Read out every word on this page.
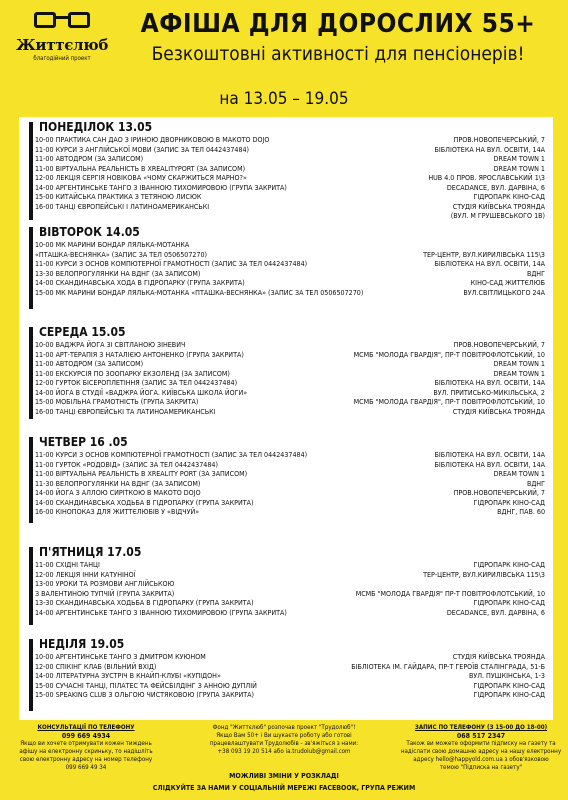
Життєлюб
благодійний проект
АФІША ДЛЯ ДОРОСЛИХ 55+
Безкоштовні активності для пенсіонерів!
на 13.05 – 19.05
ПОНЕДІЛОК 13.05
10-00 ПРАКТИКА САН ДАО З ІРИНОЮ ДВОРНИКОВОЮ В МАКОТО DOJO	ПРОВ.НОВОПЕЧЕРСЬКИЙ, 7
11-00 КУРСИ З АНГЛІЙСЬКОЇ МОВИ (ЗАПИС ЗА ТЕЛ 0442437484)	БІБЛІОТЕКА НА ВУЛ. ОСВІТИ, 14А
11-00 АВТОДРОМ (ЗА ЗАПИСОМ)	DREAM TOWN 1
11-00 ВІРТУАЛЬНА РЕАЛЬНІСТЬ В XREALITYPORT (ЗА ЗАПИСОМ)	DREAM TOWN 1
12-00 ЛЕКЦІЯ СЕРГІЯ НОВІКОВА «ЧОМУ СКАРЖИТЬСЯ МАРНО?»	HUB 4.0 ПРОВ. ЯРОСЛАВСЬКИЙ 1\3
14-00 АРГЕНТИНСЬКЕ ТАНГО З ІВАННОЮ ТИХОМИРОВОЮ (ГРУПА ЗАКРИТА)	DECADANCE, ВУЛ. ДАРВІНА, 6
15-00 КИТАЙСЬКА ПРАКТИКА З ТЕТЯНОЮ ЛИСЮК	ГІДРОПАРК КІНО-САД
16-00 ТАНЦІ ЄВРОПЕЙСЬКІ І ЛАТИНОАМЕРИКАНСЬКІ	СТУДІЯ КИЇВСЬКА ТРОЯНДА
(ВУЛ. М ГРУШЕВСЬКОГО 1В)
ВІВТОРОК 14.05
10-00 МК МАРИНИ БОНДАР ЛЯЛЬКА-МОТАНКА
«ПТАШКА-ВЕСНЯНКА» (ЗАПИС ЗА ТЕЛ 0506507270)	ТЕР-ЦЕНТР, ВУЛ.КИРИЛІВСЬКА 115\3
11-00 КУРСИ З ОСНОВ КОМПЮТЕРНОЇ ГРАМОТНОСТІ (ЗАПИС ЗА ТЕЛ 0442437484)	БІБЛІОТЕКА НА ВУЛ. ОСВІТИ, 14А
13-30 ВЕЛОПРОГУЛЯНКИ НА ВДНГ (ЗА ЗАПИСОМ)	ВДНГ
14-00 СКАНДИНАВСЬКА ХОДА В ГІДРОПАРКУ (ГРУПА ЗАКРИТА)	КІНО-САД ЖИТТЄЛЮБ
15-00 МК МАРИНИ БОНДАР ЛЯЛЬКА-МОТАНКА «ПТАШКА-ВЕСНЯНКА» (ЗАПИС ЗА ТЕЛ 0506507270)	ВУЛ.СВІТЛИЦЬКОГО 24А
СЕРЕДА 15.05
10-00 ВАДЖРА ЙОГА ЗІ СВІТЛАНОЮ ЗІНЕВИЧ	ПРОВ.НОВОПЕЧЕРСЬКИЙ, 7
11-00 АРТ-ТЕРАПІЯ З НАТАЛІЄЮ АНТОНЕНКО (ГРУПА ЗАКРИТА)	МСМБ "МОЛОДА ГВАРДІЯ", ПР-Т ПОВІТРОФЛОТСЬКИЙ, 10
11-00 АВТОДРОМ (ЗА ЗАПИСОМ)	DREAM TOWN 1
11-00 ЕКСКУРСІЯ ПО ЗООПАРКУ ЕКЗОЛЕНД (ЗА ЗАПИСОМ)	DREAM TOWN 1
12-00 ГУРТОК БІСЕРОПЛЕТІННЯ (ЗАПИС ЗА ТЕЛ 0442437484)	БІБЛІОТЕКА НА ВУЛ. ОСВІТИ, 14А
14-00 ЙОГА В СТУДІЇ «ВАДЖРА ЙОГА. КИЇВСЬКА ШКОЛА ЙОГИ»	ВУЛ. ПРИТИСЬКО-МИКІЛЬСЬКА, 2
15-00 МОБІЛЬНА ГРАМОТНІСТЬ (ГРУПА ЗАКРИТА)	МСМБ "МОЛОДА ГВАРДІЯ", ПР-Т ПОВІТРОФЛОТСЬКИЙ, 10
16-00 ТАНЦІ ЄВРОПЕЙСЬКІ ТА ЛАТИНОАМЕРИКАНСЬКІ	СТУДІЯ КИЇВСЬКА ТРОЯНДА
ЧЕТВЕР 16 .05
11-00 КУРСИ З ОСНОВ КОМПЮТЕРНОЇ ГРАМОТНОСТІ (ЗАПИС ЗА ТЕЛ 0442437484)	БІБЛІОТЕКА НА ВУЛ. ОСВІТИ, 14А
11-00 ГУРТОК «РОДОВІД» (ЗАПИС ЗА ТЕЛ 0442437484)	БІБЛІОТЕКА НА ВУЛ. ОСВІТИ, 14А
11-00 ВІРТУАЛЬНА РЕАЛЬНІСТЬ В XREALITY PORT (ЗА ЗАПИСОМ)	DREAM TOWN 1
11-30 ВЕЛОПРОГУЛЯНКИ НА ВДНГ (ЗА ЗАПИСОМ)	ВДНГ
14-00 ЙОГА З АЛЛОЮ СИРІТКОЮ В МАКОТО DOJO	ПРОВ.НОВОПЕЧЕРСЬКИЙ, 7
14-00 СКАНДИНАВСЬКА ХОДЬБА В ГІДРОПАРКУ (ГРУПА ЗАКРИТА)	ГІДРОПАРК КІНО-САД
16-00 КІНОПОКАЗ ДЛЯ ЖИТТЄЛЮБІВ У «ВІДЧУЙ»	ВДНГ, ПАВ. 60
П'ЯТНИЦЯ 17.05
11-00 СХІДНІ ТАНЦІ	ГІДРОПАРК КІНО-САД
12-00 ЛЕКЦІЯ ІННИ КАТУНІНОЇ	ТЕР-ЦЕНТР, ВУЛ.КИРИЛІВСЬКА 115\3
13-00 УРОКИ ТА РОЗМОВИ АНГЛІЙСЬКОЮ
З ВАЛЕНТИНОЮ ТУПЧІЙ (ГРУПА ЗАКРИТА)	МСМБ "МОЛОДА ГВАРДІЯ" ПР-Т ПОВІТРОФЛОТСЬКИЙ, 10
13-30 СКАНДИНАВСЬКА ХОДЬБА В ГІДРОПАРКУ (ГРУПА ЗАКРИТА)	ГІДРОПАРК КІНО-САД
14-00 АРГЕНТИНСЬКЕ ТАНГО З ІВАННОЮ ТИХОМИРОВОЮ (ГРУПА ЗАКРИТА)	DECADANCE, ВУЛ. ДАРВІНА, 6
НЕДІЛЯ 19.05
10-00 АРГЕНТИНСЬКЕ ТАНГО З ДМИТРОМ КУЮНОМ	СТУДІЯ КИЇВСЬКА ТРОЯНДА
12-00 СПІКІНГ КЛАБ (ВІЛЬНИЙ ВХІД)	БІБЛІОТЕКА ІМ. ГАЙДАРА, ПР-Т ГЕРОЇВ СТАЛІНГРАДА, 51-Б
14-00 ЛІТЕРАТУРНА ЗУСТРІЧ В КНАЙП-КЛУБІ «КУПІДОН»	ВУЛ. ПУШКІНСЬКА, 1-3
15-00 СУЧАСНІ ТАНЦІ, ПІЛАТЕС ТА ФЕЙСБІЛДІНГ З АННОЮ ДУПЛІЙ	ГІДРОПАРК КІНО-САД
15-00 SPEAKING CLUB З ОЛЬГОЮ ЧИСТЯКОВОЮ (ГРУПА ЗАКРИТА)	ГІДРОПАРК КІНО-САД
КОНСУЛЬТАЦІЇ ПО ТЕЛЕФОНУ
099 669 4934
Якщо ви хочете отримувати кожен тиждень
афішу на електронну скриньку, то надішліть
свою електронну адресу на номер телефону
099 669 49 34
Фонд "Життєлюб" розпочав проект "Трудолюб"!
Якщо Вам 50+ і Ви шукаєте роботу або готові
працевлаштувати Трудолюбів - зв'яжіться з нами:
+38 093 19 20 514 або ia.trudolub@gmail.com
ЗАПИС ПО ТЕЛЕФОНУ (З 15-00 ДО 18-00)
068 517 2347
Також ви можете оформити підписку на газету та
надіслати свою домашню адресу на нашу електронну
адресу hello@happyold.com.ua з обов'язковою
темою "Підписка на газету"
МОЖЛИВІ ЗМІНИ У РОЗКЛАДІ
СЛІДКУЙТЕ ЗА НАМИ У СОЦІАЛЬНІЙ МЕРЕЖІ FACEBOOK, ГРУПА РЕЖИМ
